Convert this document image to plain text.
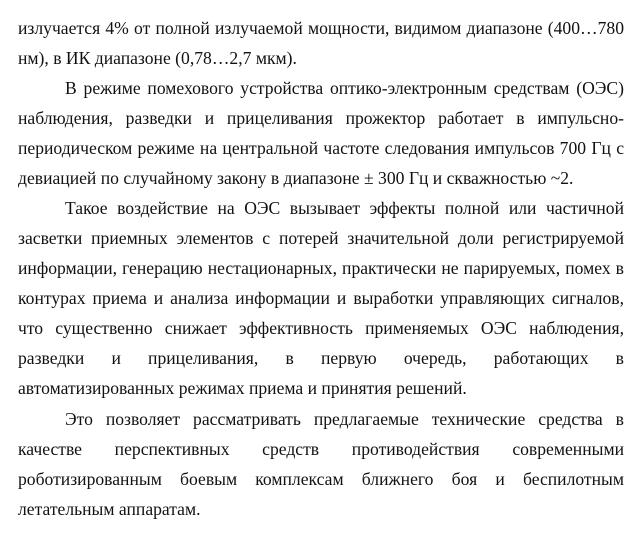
излучается 4% от полной излучаемой мощности, видимом диапазоне (400…780
нм), в ИК диапазоне (0,78…2,7 мкм).
В режиме помехового устройства оптико-электронным средствам (ОЭС)
наблюдения, разведки и прицеливания прожектор работает в импульсно-
периодическом режиме на центральной частоте следования импульсов 700 Гц с
девиацией по случайному закону в диапазоне ± 300 Гц и скважностью ~2.
Такое воздействие на ОЭС вызывает эффекты полной или частичной
засветки приемных элементов с потерей значительной доли регистрируемой
информации, генерацию нестационарных, практически не парируемых, помех в
контурах приема и анализа информации и выработки управляющих сигналов,
что существенно снижает эффективность применяемых ОЭС наблюдения,
разведки и прицеливания, в первую очередь, работающих в
автоматизированных режимах приема и принятия решений.
Это позволяет рассматривать предлагаемые технические средства в
качестве перспективных средств противодействия современными
роботизированным боевым комплексам ближнего боя и беспилотным
летательным аппаратам.
